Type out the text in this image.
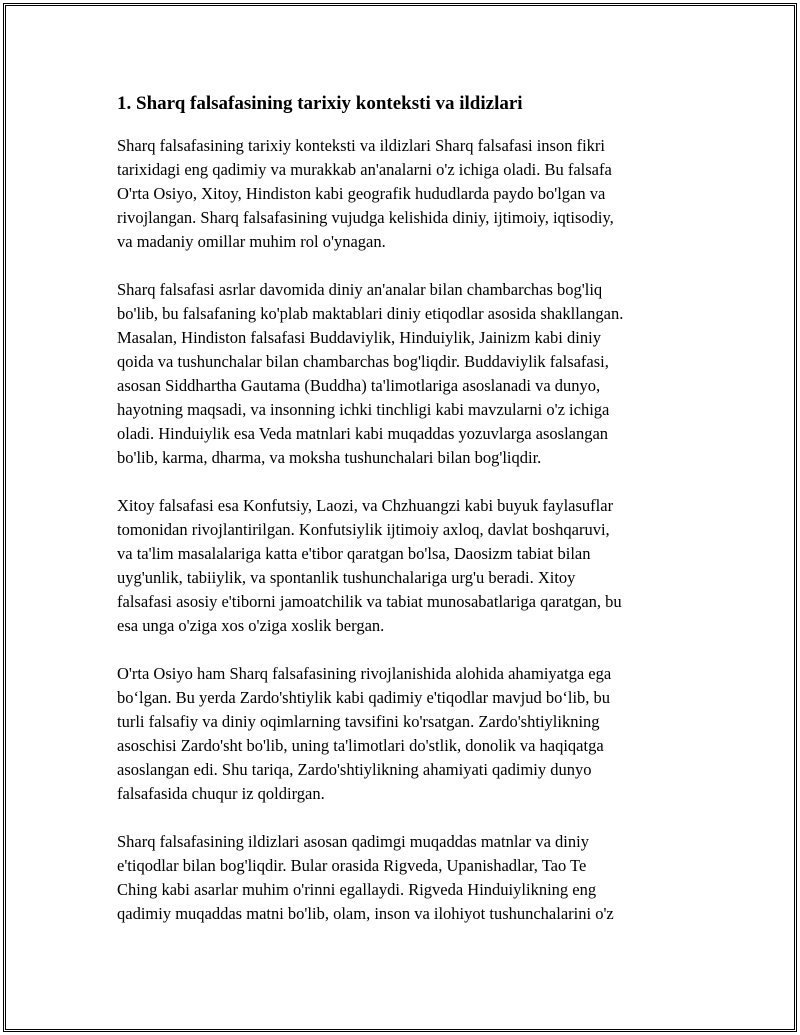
1. Sharq falsafasining tarixiy konteksti va ildizlari
Sharq falsafasining tarixiy konteksti va ildizlari Sharq falsafasi inson fikri
tarixidagi eng qadimiy va murakkab an'analarni o'z ichiga oladi. Bu falsafa
O'rta Osiyo, Xitoy, Hindiston kabi geografik hududlarda paydo bo'lgan va
rivojlangan. Sharq falsafasining vujudga kelishida diniy, ijtimoiy, iqtisodiy,
va madaniy omillar muhim rol o'ynagan.
Sharq falsafasi asrlar davomida diniy an'analar bilan chambarchas bog'liq
bo'lib, bu falsafaning ko'plab maktablari diniy etiqodlar asosida shakllangan.
Masalan, Hindiston falsafasi Buddaviylik, Hinduiylik, Jainizm kabi diniy
qoida va tushunchalar bilan chambarchas bog'liqdir. Buddaviylik falsafasi,
asosan Siddhartha Gautama (Buddha) ta'limotlariga asoslanadi va dunyo,
hayotning maqsadi, va insonning ichki tinchligi kabi mavzularni o'z ichiga
oladi. Hinduiylik esa Veda matnlari kabi muqaddas yozuvlarga asoslangan
bo'lib, karma, dharma, va moksha tushunchalari bilan bog'liqdir.
Xitoy falsafasi esa Konfutsiy, Laozi, va Chzhuangzi kabi buyuk faylasuflar
tomonidan rivojlantirilgan. Konfutsiylik ijtimoiy axloq, davlat boshqaruvi,
va ta'lim masalalariga katta e'tibor qaratgan bo'lsa, Daosizm tabiat bilan
uyg'unlik, tabiiylik, va spontanlik tushunchalariga urg'u beradi. Xitoy
falsafasi asosiy e'tiborni jamoatchilik va tabiat munosabatlariga qaratgan, bu
esa unga o'ziga xos o'ziga xoslik bergan.
O'rta Osiyo ham Sharq falsafasining rivojlanishida alohida ahamiyatga ega
bo‘lgan. Bu yerda Zardo'shtiylik kabi qadimiy e'tiqodlar mavjud bo‘lib, bu
turli falsafiy va diniy oqimlarning tavsifini ko'rsatgan. Zardo'shtiylikning
asoschisi Zardo'sht bo'lib, uning ta'limotlari do'stlik, donolik va haqiqatga
asoslangan edi. Shu tariqa, Zardo'shtiylikning ahamiyati qadimiy dunyo
falsafasida chuqur iz qoldirgan.
Sharq falsafasining ildizlari asosan qadimgi muqaddas matnlar va diniy
e'tiqodlar bilan bog'liqdir. Bular orasida Rigveda, Upanishadlar, Tao Te
Ching kabi asarlar muhim o'rinni egallaydi. Rigveda Hinduiylikning eng
qadimiy muqaddas matni bo'lib, olam, inson va ilohiyot tushunchalarini o'z
